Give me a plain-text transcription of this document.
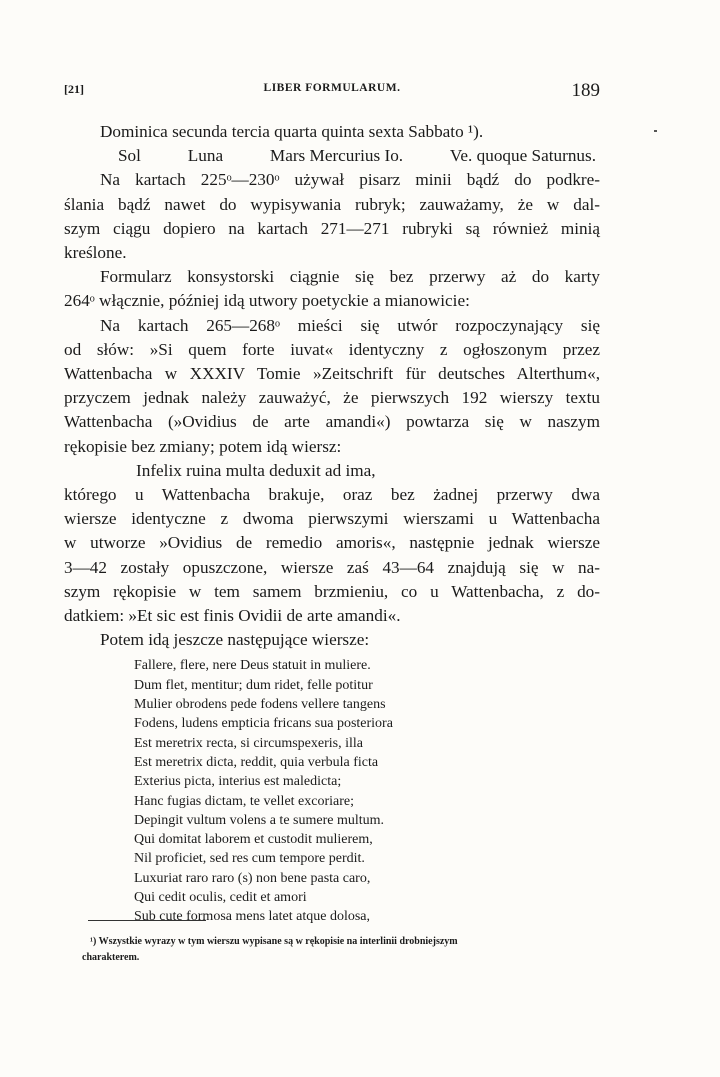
[21]	LIBER FORMULARUM.	189
Dominica secunda tercia quarta quinta sexta Sabbato ¹).
Sol	Luna	Mars Mercurius Io.	Ve. quoque Saturnus.
Na kartach 225ᵒ—230ᵒ używał pisarz minii bądź do podkre-
ślania bądź nawet do wypisywania rubryk; zauważamy, że w dal-
szym ciągu dopiero na kartach 271—271 rubryki są również minią
kreślone.
Formularz konsystorski ciągnie się bez przerwy aż do karty
264ᵒ włącznie, później idą utwory poetyckie a mianowicie:
Na kartach 265—268ᵒ mieści się utwór rozpoczynający się
od słów: »Si quem forte iuvat« identyczny z ogłoszonym przez
Wattenbacha w XXXIV Tomie »Zeitschrift für deutsches Alterthum«,
przyczem jednak należy zauważyć, że pierwszych 192 wierszy textu
Wattenbacha (»Ovidius de arte amandi«) powtarza się w naszym
rękopisie bez zmiany; potem idą wiersz:
Infelix ruina multa deduxit ad ima,
którego u Wattenbacha brakuje, oraz bez żadnej przerwy dwa
wiersze identyczne z dwoma pierwszymi wierszami u Wattenbacha
w utworze »Ovidius de remedio amoris«, następnie jednak wiersze
3—42 zostały opuszczone, wiersze zaś 43—64 znajdują się w na-
szym rękopisie w tem samem brzmieniu, co u Wattenbacha, z do-
datkiem: »Et sic est finis Ovidii de arte amandi«.
Potem idą jeszcze następujące wiersze:
Fallere, flere, nere Deus statuit in muliere.
Dum flet, mentitur; dum ridet, felle potitur
Mulier obrodens pede fodens vellere tangens
Fodens, ludens empticia fricans sua posteriora
Est meretrix recta, si circumspexeris, illa
Est meretrix dicta, reddit, quia verbula ficta
Exterius picta, interius est maledicta;
Hanc fugias dictam, te vellet excoriare;
Depingit vultum volens a te sumere multum.
Qui domitat laborem et custodit mulierem,
Nil proficiet, sed res cum tempore perdit.
Luxuriat raro raro (s) non bene pasta caro,
Qui cedit oculis, cedit et amori
Sub cute formosa mens latet atque dolosa,
¹) Wszystkie wyrazy w tym wierszu wypisane są w rękopisie na interlinii drobniejszym
charakterem.
